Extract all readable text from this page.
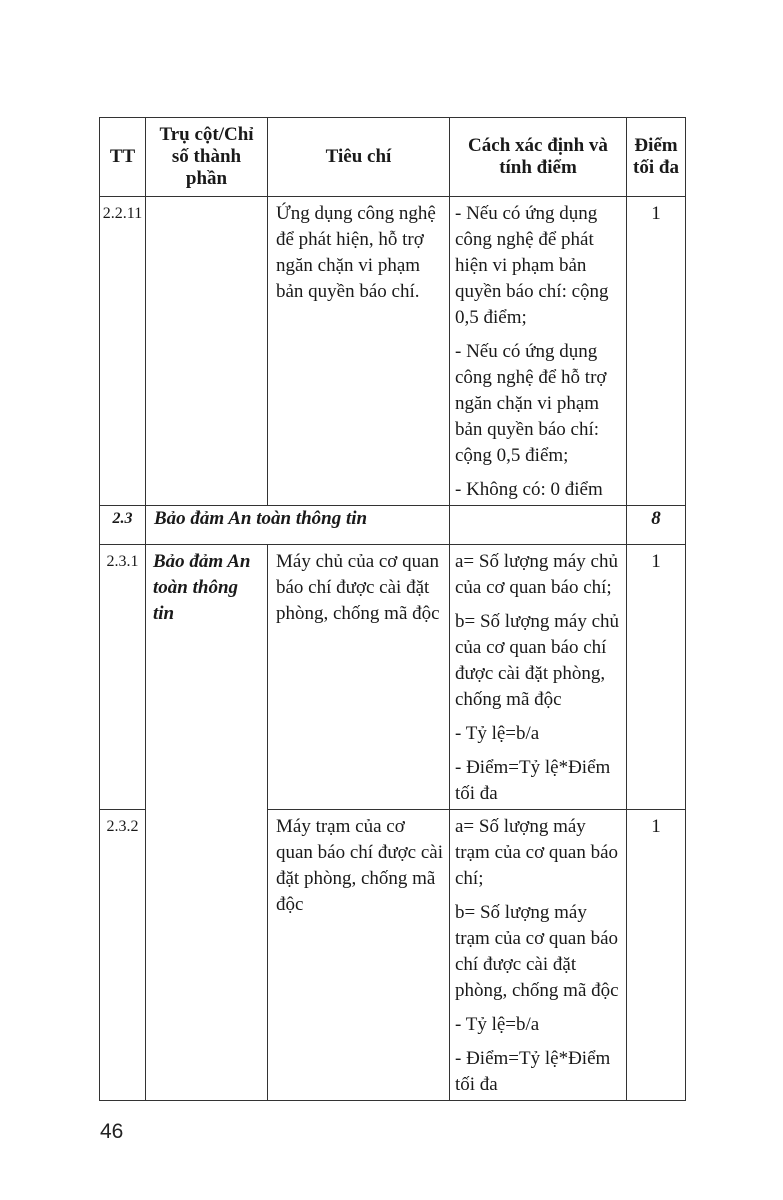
TT	Trụ cột/Chỉ số thành phần	Tiêu chí	Cách xác định và tính điểm	Điểm tối đa

2.2.11		Ứng dụng công nghệ để phát hiện, hỗ trợ ngăn chặn vi phạm bản quyền báo chí.	- Nếu có ứng dụng công nghệ để phát hiện vi phạm bản quyền báo chí: cộng 0,5 điểm;
- Nếu có ứng dụng công nghệ để hỗ trợ ngăn chặn vi phạm bản quyền báo chí: cộng 0,5 điểm;
- Không có: 0 điểm	1

2.3	Bảo đảm An toàn thông tin			8

2.3.1	Bảo đảm An toàn thông tin	Máy chủ của cơ quan báo chí được cài đặt phòng, chống mã độc	a= Số lượng máy chủ của cơ quan báo chí;
b= Số lượng máy chủ của cơ quan báo chí được cài đặt phòng, chống mã độc
- Tỷ lệ=b/a
- Điểm=Tỷ lệ*Điểm tối đa	1

2.3.2		Máy trạm của cơ quan báo chí được cài đặt phòng, chống mã độc	a= Số lượng máy trạm của cơ quan báo chí;
b= Số lượng máy trạm của cơ quan báo chí được cài đặt phòng, chống mã độc
- Tỷ lệ=b/a
- Điểm=Tỷ lệ*Điểm tối đa	1
46
